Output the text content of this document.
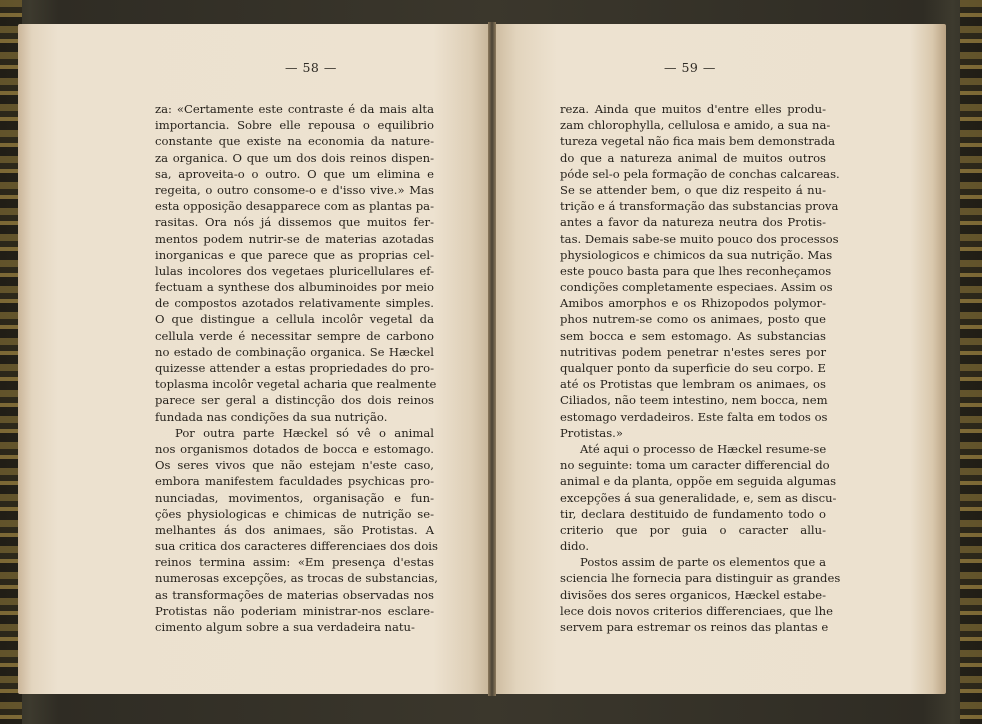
— 58 —	— 59 —
za: «Certamente este contraste é da mais alta
importancia. Sobre elle repousa o equilibrio
constante que existe na economia da nature-
za organica. O que um dos dois reinos dispen-
sa, aproveita-o o outro. O que um elimina e
regeita, o outro consome-o e d'isso vive.» Mas
esta opposição desapparece com as plantas pa-
rasitas. Ora nós já dissemos que muitos fer-
mentos podem nutrir-se de materias azotadas
inorganicas e que parece que as proprias cel-
lulas incolores dos vegetaes pluricellulares ef-
fectuam a synthese dos albuminoides por meio
de compostos azotados relativamente simples.
O que distingue a cellula incolôr vegetal da
cellula verde é necessitar sempre de carbono
no estado de combinação organica. Se Hæckel
quizesse attender a estas propriedades do pro-
toplasma incolôr vegetal acharia que realmente
parece ser geral a distincção dos dois reinos
fundada nas condições da sua nutrição.
Por outra parte Hæckel só vê o animal
nos organismos dotados de bocca e estomago.
Os seres vivos que não estejam n'este caso,
embora manifestem faculdades psychicas pro-
nunciadas, movimentos, organisação e fun-
ções physiologicas e chimicas de nutrição se-
melhantes ás dos animaes, são Protistas. A
sua critica dos caracteres differenciaes dos dois
reinos termina assim: «Em presença d'estas
numerosas excepções, as trocas de substancias,
as transformações de materias observadas nos
Protistas não poderiam ministrar-nos esclare-
cimento algum sobre a sua verdadeira natu-
reza. Ainda que muitos d'entre elles produ-
zam chlorophylla, cellulosa e amido, a sua na-
tureza vegetal não fica mais bem demonstrada
do que a natureza animal de muitos outros
póde sel-o pela formação de conchas calcareas.
Se se attender bem, o que diz respeito á nu-
trição e á transformação das substancias prova
antes a favor da natureza neutra dos Protis-
tas. Demais sabe-se muito pouco dos processos
physiologicos e chimicos da sua nutrição. Mas
este pouco basta para que lhes reconheçamos
condições completamente especiaes. Assim os
Amibos amorphos e os Rhizopodos polymor-
phos nutrem-se como os animaes, posto que
sem bocca e sem estomago. As substancias
nutritivas podem penetrar n'estes seres por
qualquer ponto da superficie do seu corpo. E
até os Protistas que lembram os animaes, os
Ciliados, não teem intestino, nem bocca, nem
estomago verdadeiros. Este falta em todos os
Protistas.»
Até aqui o processo de Hæckel resume-se
no seguinte: toma um caracter differencial do
animal e da planta, oppõe em seguida algumas
excepções á sua generalidade, e, sem as discu-
tir, declara destituido de fundamento todo o
criterio que por guia o caracter allu-
dido.
Postos assim de parte os elementos que a
sciencia lhe fornecia para distinguir as grandes
divisões dos seres organicos, Hæckel estabe-
lece dois novos criterios differenciaes, que lhe
servem para estremar os reinos das plantas e
